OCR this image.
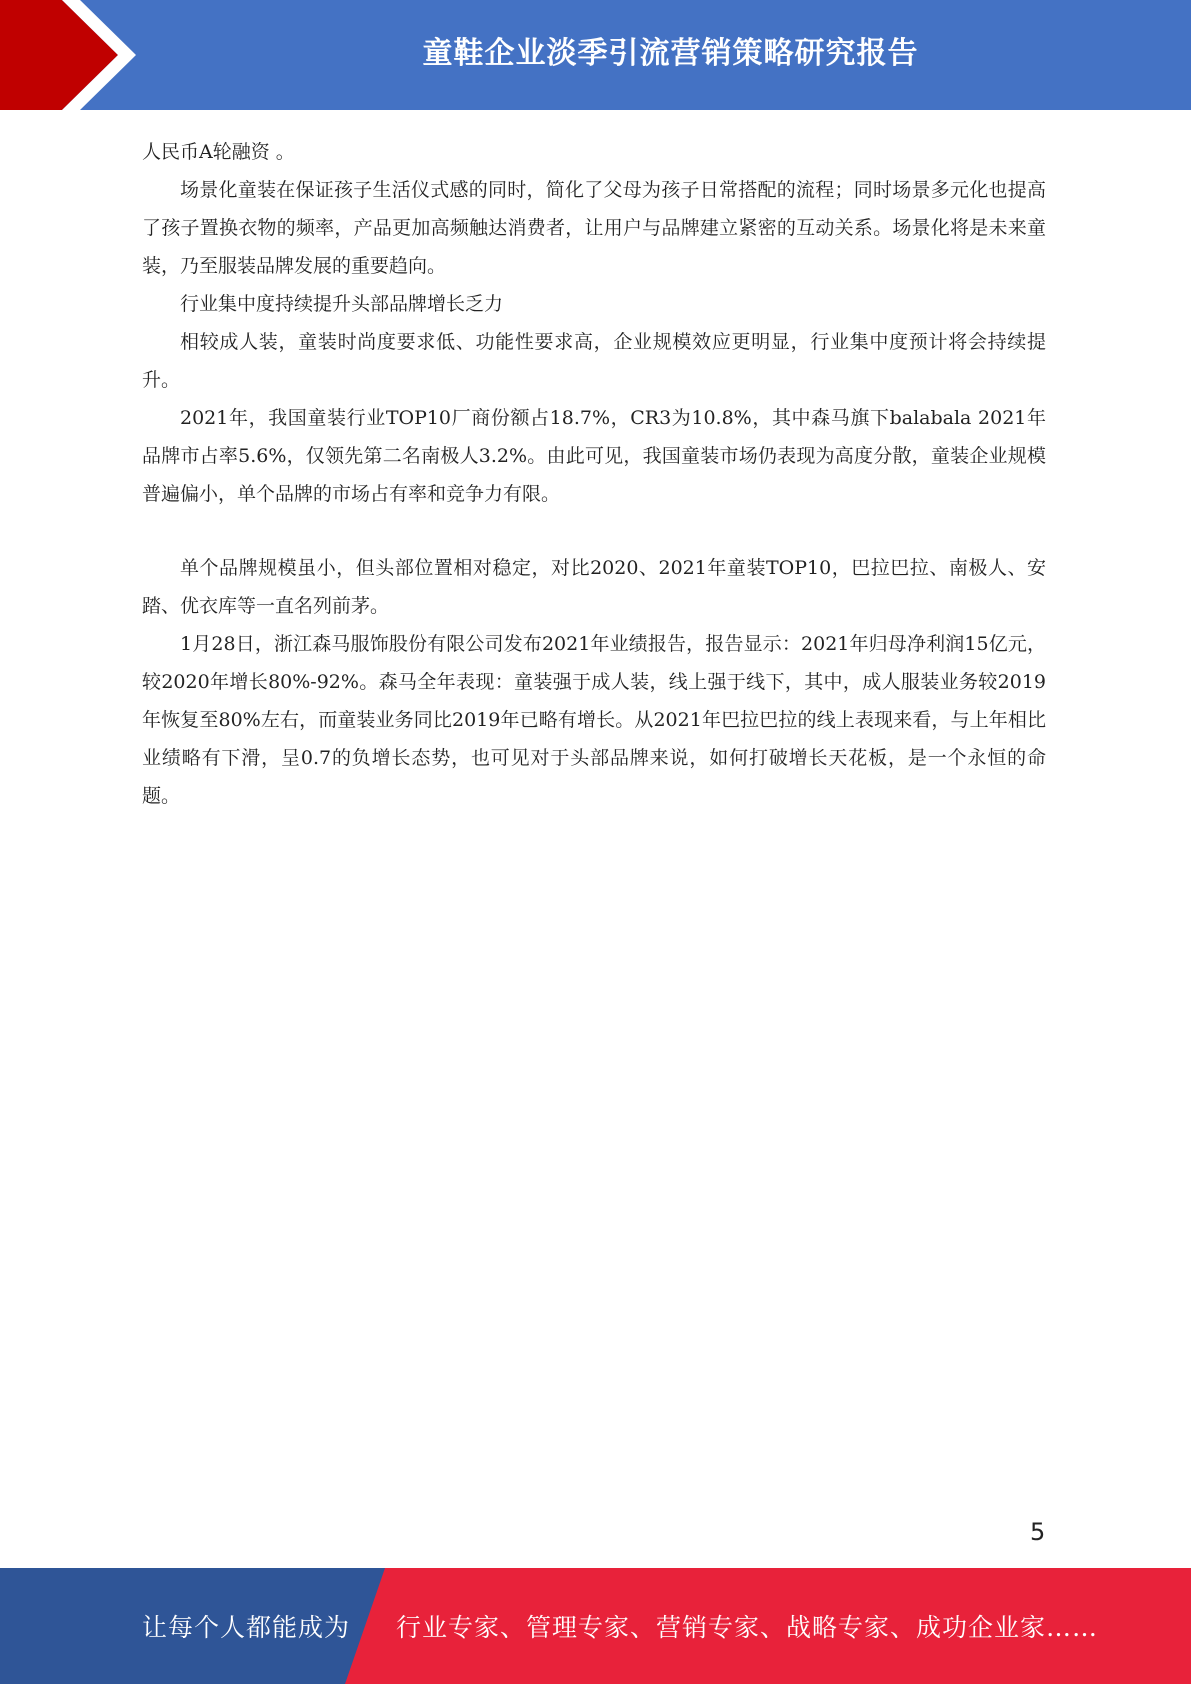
童鞋企业淡季引流营销策略研究报告

人民币A轮融资 。

场景化童装在保证孩子生活仪式感的同时，简化了父母为孩子日常搭配的流程；同时场景多元化也提高了孩子置换衣物的频率，产品更加高频触达消费者，让用户与品牌建立紧密的互动关系。场景化将是未来童装，乃至服装品牌发展的重要趋向。

行业集中度持续提升头部品牌增长乏力

相较成人装，童装时尚度要求低、功能性要求高，企业规模效应更明显，行业集中度预计将会持续提升。

2021年，我国童装行业TOP10厂商份额占18.7%，CR3为10.8%，其中森马旗下balabala 2021年品牌市占率5.6%，仅领先第二名南极人3.2%。由此可见，我国童装市场仍表现为高度分散，童装企业规模普遍偏小，单个品牌的市场占有率和竞争力有限。

单个品牌规模虽小，但头部位置相对稳定，对比2020、2021年童装TOP10，巴拉巴拉、南极人、安踏、优衣库等一直名列前茅。

1月28日，浙江森马服饰股份有限公司发布2021年业绩报告，报告显示：2021年归母净利润15亿元，较2020年增长80%-92%。森马全年表现：童装强于成人装，线上强于线下，其中，成人服装业务较2019年恢复至80%左右，而童装业务同比2019年已略有增长。从2021年巴拉巴拉的线上表现来看，与上年相比业绩略有下滑，呈0.7的负增长态势，也可见对于头部品牌来说，如何打破增长天花板，是一个永恒的命题。

5
让每个人都能成为 行业专家、管理专家、营销专家、战略专家、成功企业家……
